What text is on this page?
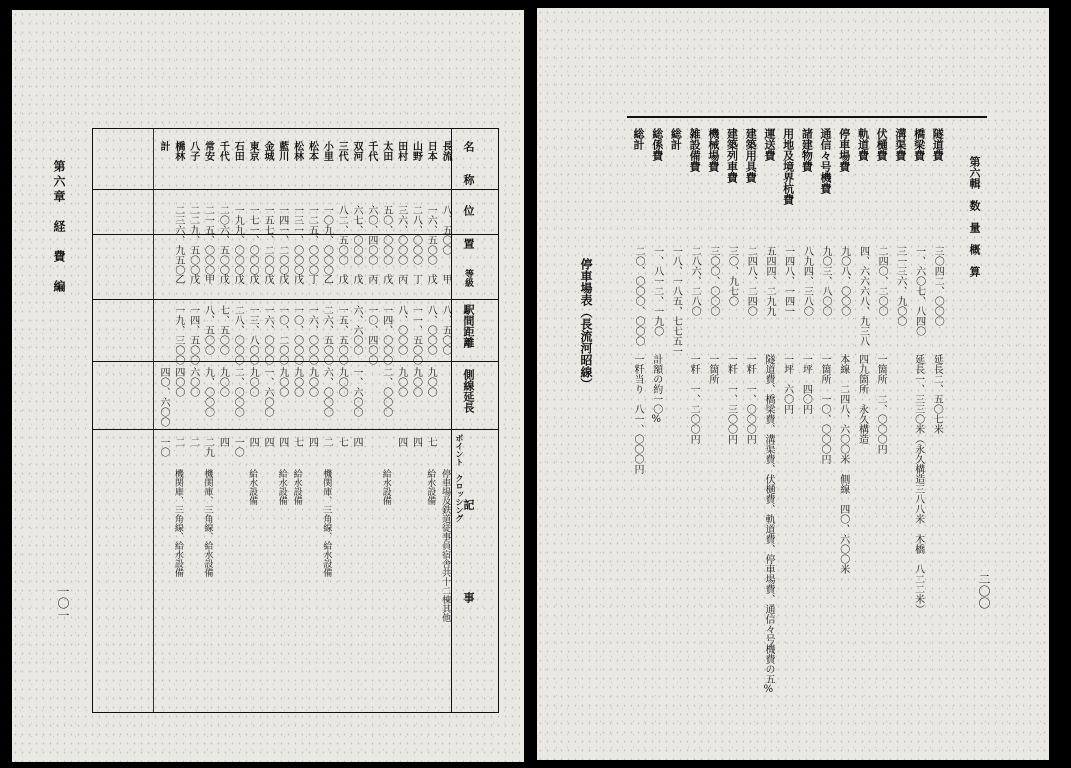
第六章　経　費　編
一〇一
名　　称
位　　置
等級
駅間距離
側線延長
ポイント　クロッシング
記　　事
長流
八、五〇〇
甲
八、五〇〇
停車場及鉄道従事員宿舎共十二棟其他
日本
一六、五〇〇
戊
八、〇〇〇
九〇〇
七
給水設備
山野
二八、〇〇〇
丁
一一、五〇〇
九〇〇
四
田村
三六、〇〇〇
丙
八、〇〇〇
九〇〇
四
太田
五〇、〇〇〇
戊
一四、〇〇〇
二、〇〇〇
給水設備
千代
六〇、四〇〇
丙
一〇、四〇〇
双河
六七、〇〇〇
戊
六、六〇〇
一、六〇〇
四
三代
八二、五〇〇
戊
一五、五〇〇
九〇〇
七
小里
一〇九、〇〇〇
乙
二六、五〇〇
六、〇〇〇
二
機関庫、三角線、給水設備
松本
一二五、〇〇〇
丁
一六、〇〇〇
九〇〇
四
松林
一三一、〇〇〇
戊
一〇、〇〇〇
九〇〇
七
給水設備
藍川
一四一、二〇〇
戊
一〇、二〇〇
九〇〇
四
給水設備
金城
一五七、二〇〇
戊
一六、〇〇〇
一、六〇〇
四
東京
一七一、〇〇〇
戊
一三、八〇〇
九〇〇
四
給水設備
石田
一九九、〇〇〇
戊
二八、〇〇〇
二、〇〇〇
一〇
千代
二〇六、五〇〇
戊
七、五〇〇
九〇〇
四
常安
二一五、〇〇〇
甲
八、五〇〇
九、〇〇〇
二九
機関庫、三角線、給水設備
八子
二二九、五〇〇
戊
一四、五〇〇
六〇〇
二
橋林
二三六、九五〇
乙
一九、三〇〇
四〇〇
二
機関庫、三角線、給水設備
計
四〇、六〇〇
一〇
二〇〇
停車場表（長流河昭線）

第六輯　数　量　概　算
隧道費
三〇四二、〇〇〇
延長二、五〇七米
橋梁費
一、六〇七、八四〇
延長一、三三〇米（永久構造三八八米　木橋　八二二米）
溝渠費
三一三六、九〇〇
伏樋費
二四〇、二〇〇
一箇所　二、〇〇〇円
軌道費
四、六六六八、九三八
四九箇所　永久構造
停車場費
九〇八、〇〇〇
本線　二四八、六〇〇米　側線　四〇、六〇〇米
通信々号機費
九〇三、八〇〇
一箇所　一〇、〇〇〇円
諸建物費
八九四、三八〇
一坪　四〇円
用地及境界杭費
一四八、一四一
一坪　六〇円
運送費
五四四、二九九
隧道費、橋梁費、溝渠費、伏樋費、軌道費、停車場費、通信々号機費の五%
建築用具費
二四八、二四〇
一粁　一、〇〇〇円
建築列車費
三〇、九七〇
一粁　一、三〇〇円
機械場費
三〇〇、〇〇〇
一箇所
雑設備費
二八六、二八〇
一粁　一、二〇〇円
総計
一八、一八五、七七五一
総係費
一、八一二、一九〇
計額の約一〇%
総計
二〇、〇〇〇、〇〇〇
一粁当り　八一、〇〇〇円
